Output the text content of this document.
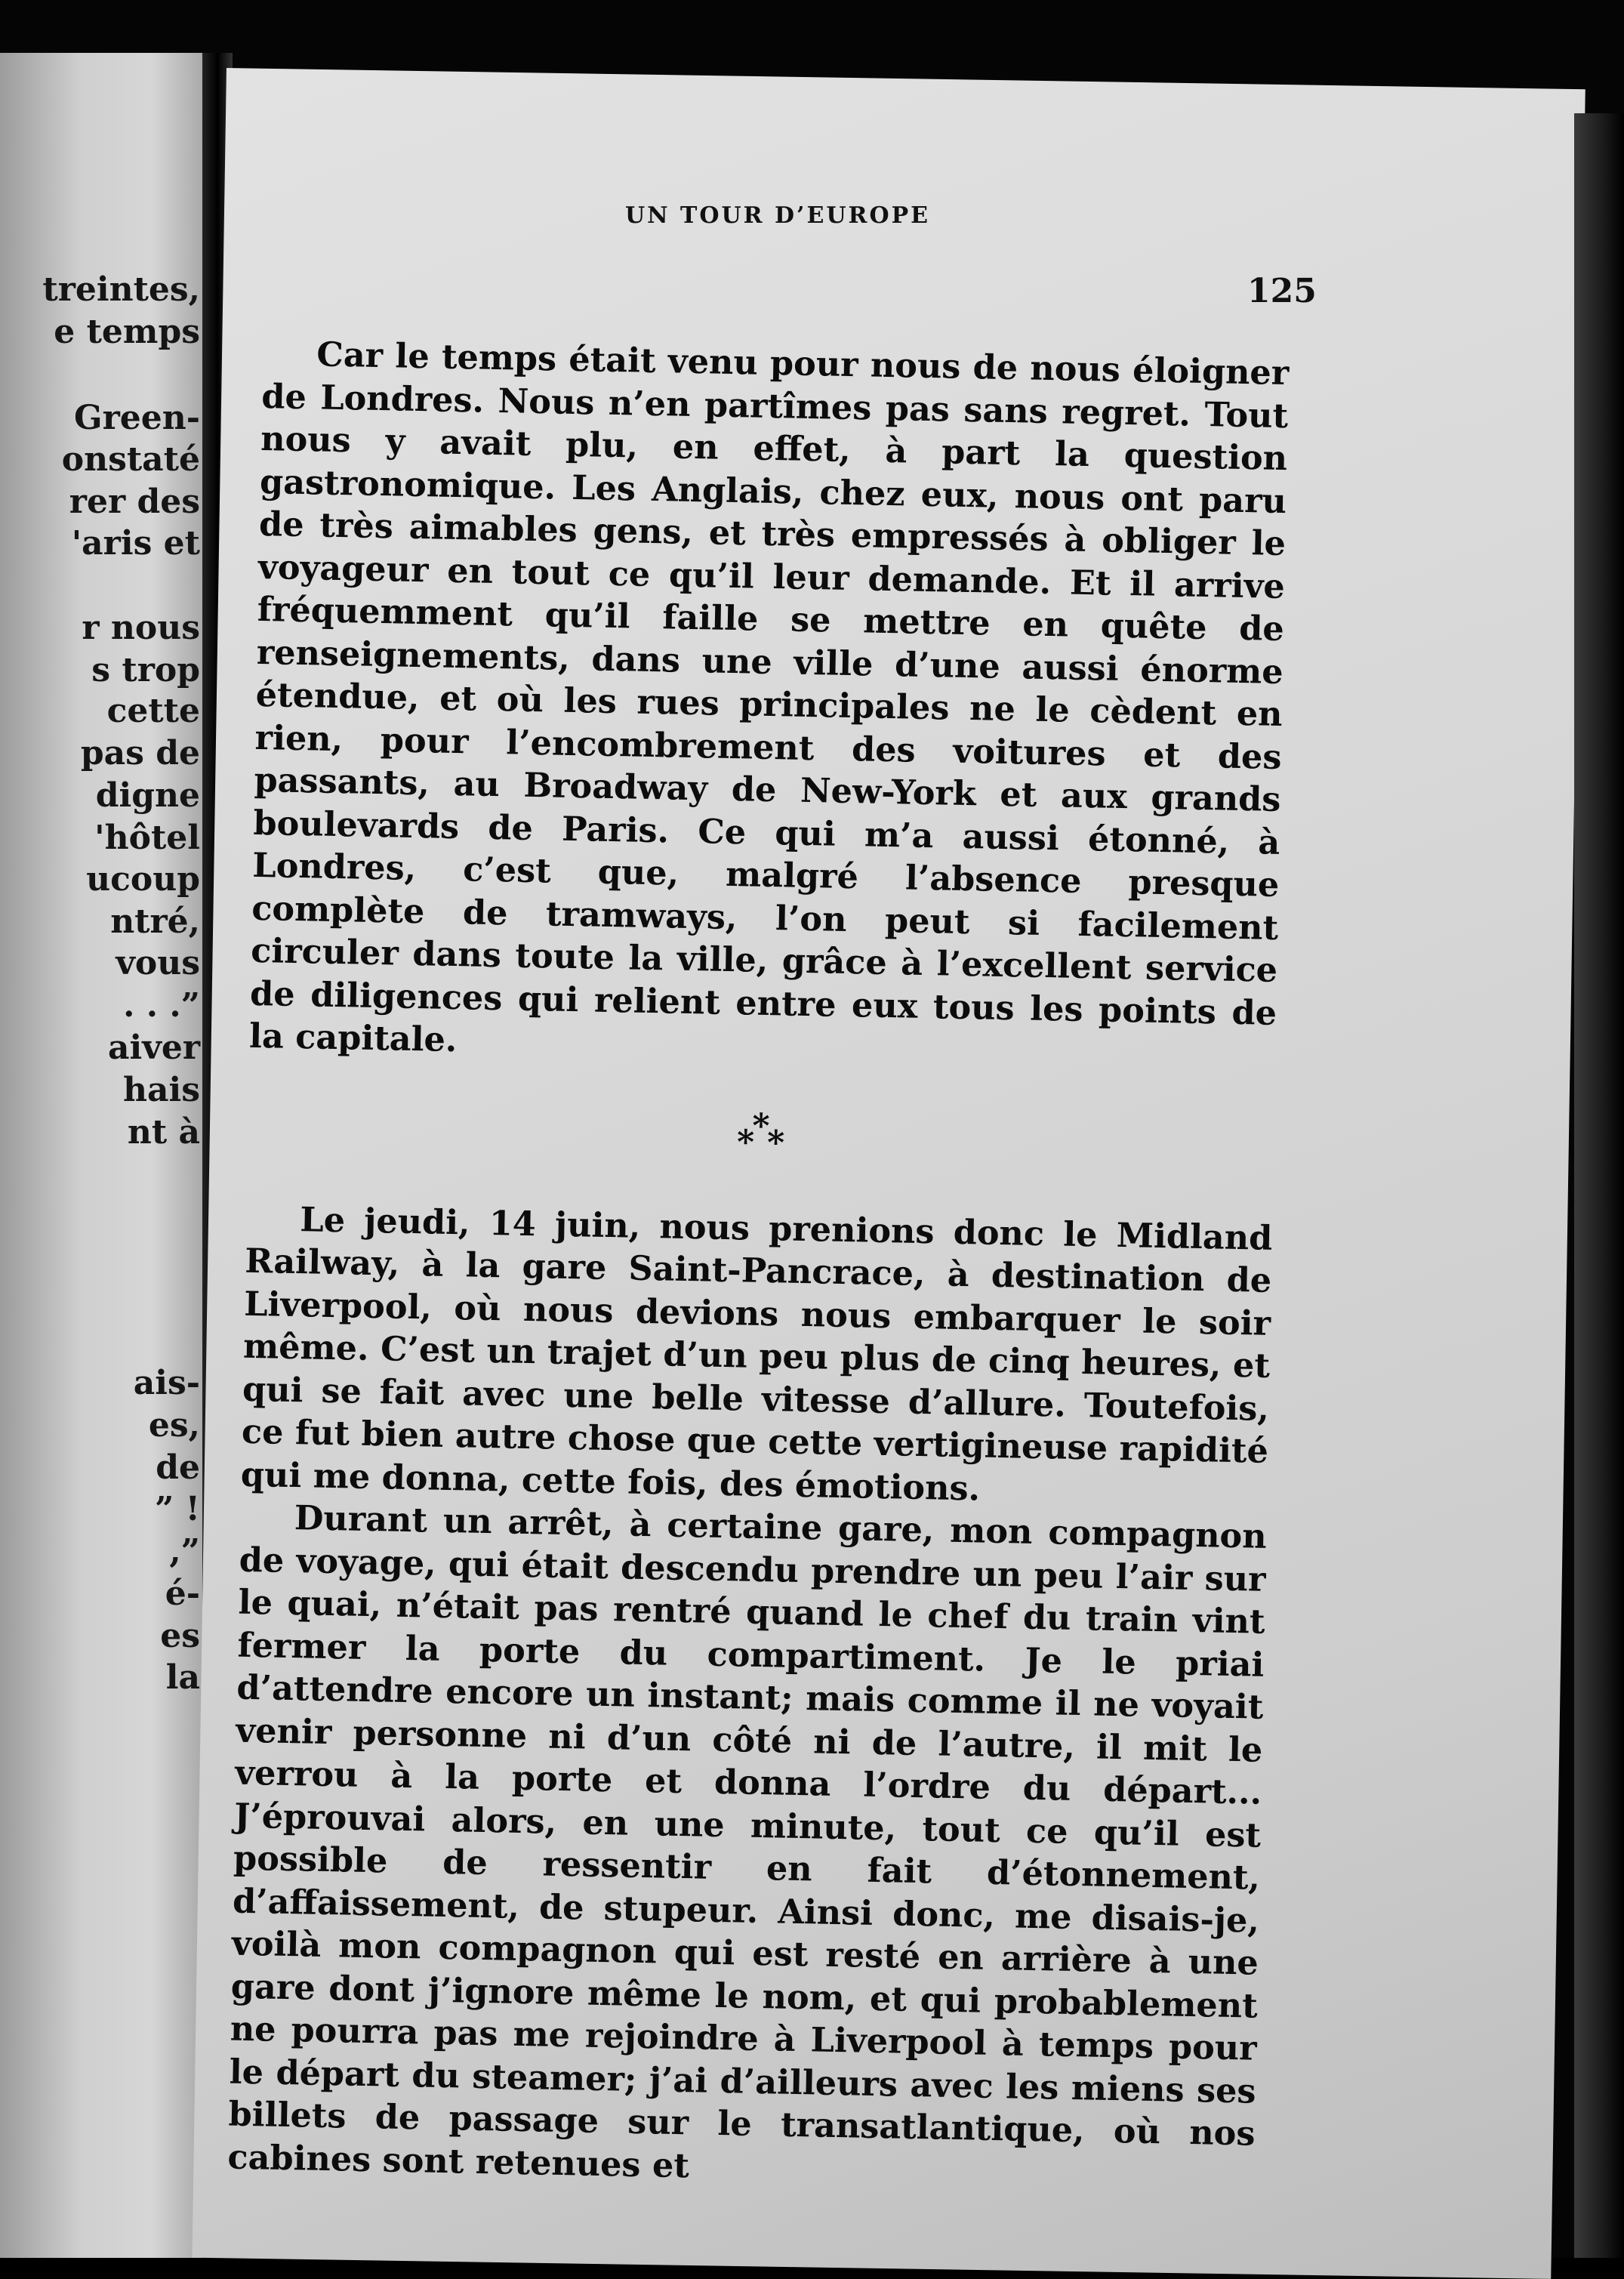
treintes,
e temps
Green-
onstaté
rer des
'aris et
r nous
s trop
cette
pas de
digne
'hôtel
ucoup
ntré,
vous
. . .”
aiver
hais
nt à
ais-
es,
de
” !
,”
é-
es
la
UN TOUR D’EUROPE
125

Car le temps était venu pour nous de nous éloigner de Londres. Nous n’en partîmes pas sans regret. Tout nous y avait plu, en effet, à part la question gastronomique. Les Anglais, chez eux, nous ont paru de très aimables gens, et très empressés à obliger le voyageur en tout ce qu’il leur demande. Et il arrive fréquemment qu’il faille se mettre en quête de renseignements, dans une ville d’une aussi énorme étendue, et où les rues principales ne le cèdent en rien, pour l’encombrement des voitures et des passants, au Broadway de New-York et aux grands boulevards de Paris. Ce qui m’a aussi étonné, à Londres, c’est que, malgré l’absence presque complète de tramways, l’on peut si facilement circuler dans toute la ville, grâce à l’excellent service de diligences qui relient entre eux tous les points de la capitale.

*
* *

Le jeudi, 14 juin, nous prenions donc le Midland Railway, à la gare Saint-Pancrace, à destination de Liverpool, où nous devions nous embarquer le soir même. C’est un trajet d’un peu plus de cinq heures, et qui se fait avec une belle vitesse d’allure. Toutefois, ce fut bien autre chose que cette vertigineuse rapidité qui me donna, cette fois, des émotions.

Durant un arrêt, à certaine gare, mon compagnon de voyage, qui était descendu prendre un peu l’air sur le quai, n’était pas rentré quand le chef du train vint fermer la porte du compartiment. Je le priai d’attendre encore un instant; mais comme il ne voyait venir personne ni d’un côté ni de l’autre, il mit le verrou à la porte et donna l’ordre du départ... J’éprouvai alors, en une minute, tout ce qu’il est possible de ressentir en fait d’étonnement, d’affaissement, de stupeur. Ainsi donc, me disais-je, voilà mon compagnon qui est resté en arrière à une gare dont j’ignore même le nom, et qui probablement ne pourra pas me rejoindre à Liverpool à temps pour le départ du steamer; j’ai d’ailleurs avec les miens ses billets de passage sur le transatlantique, où nos cabines sont retenues et
